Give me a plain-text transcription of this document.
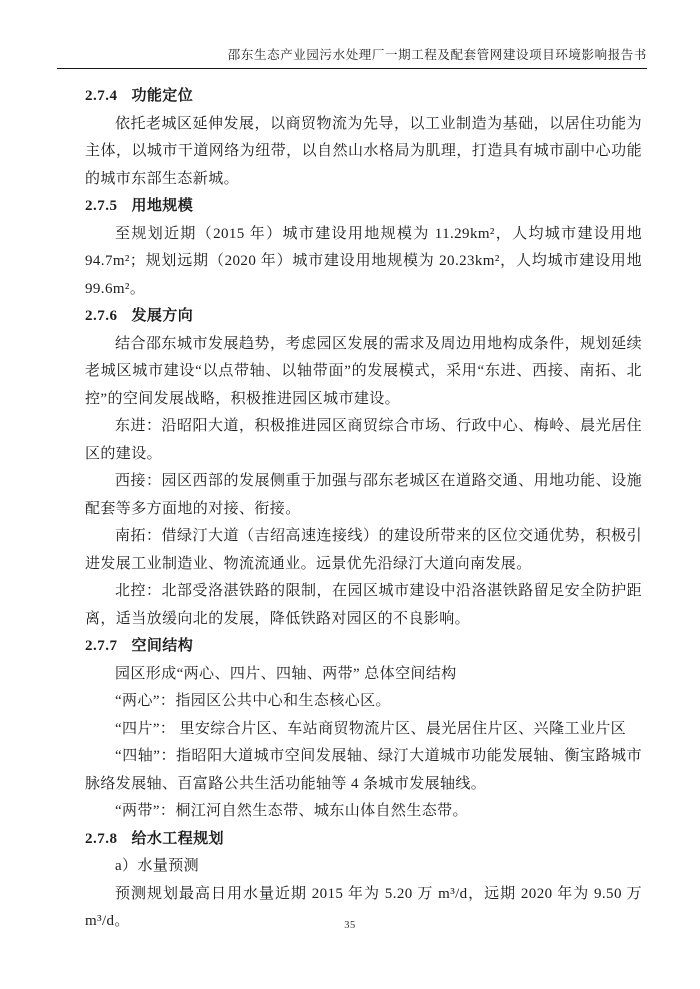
邵东生态产业园污水处理厂一期工程及配套管网建设项目环境影响报告书
2.7.4 功能定位

依托老城区延伸发展，以商贸物流为先导，以工业制造为基础，以居住功能为主体，以城市干道网络为纽带，以自然山水格局为肌理，打造具有城市副中心功能的城市东部生态新城。

2.7.5 用地规模

至规划近期（2015 年）城市建设用地规模为 11.29km²，人均城市建设用地 94.7m²；规划远期（2020 年）城市建设用地规模为 20.23km²，人均城市建设用地 99.6m²。

2.7.6 发展方向

结合邵东城市发展趋势，考虑园区发展的需求及周边用地构成条件，规划延续老城区城市建设“以点带轴、以轴带面”的发展模式，采用“东进、西接、南拓、北控”的空间发展战略，积极推进园区城市建设。

东进：沿昭阳大道，积极推进园区商贸综合市场、行政中心、梅岭、晨光居住区的建设。

西接：园区西部的发展侧重于加强与邵东老城区在道路交通、用地功能、设施配套等多方面地的对接、衔接。

南拓：借绿汀大道（吉绍高速连接线）的建设所带来的区位交通优势，积极引进发展工业制造业、物流流通业。远景优先沿绿汀大道向南发展。

北控：北部受洛湛铁路的限制，在园区城市建设中沿洛湛铁路留足安全防护距离，适当放缓向北的发展，降低铁路对园区的不良影响。

2.7.7 空间结构

园区形成“两心、四片、四轴、两带” 总体空间结构

“两心”：指园区公共中心和生态核心区。

“四片”： 里安综合片区、车站商贸物流片区、晨光居住片区、兴隆工业片区

“四轴”：指昭阳大道城市空间发展轴、绿汀大道城市功能发展轴、衡宝路城市脉络发展轴、百富路公共生活功能轴等 4 条城市发展轴线。

“两带”：桐江河自然生态带、城东山体自然生态带。

2.7.8 给水工程规划

a）水量预测

预测规划最高日用水量近期 2015 年为 5.20 万 m³/d，远期 2020 年为 9.50 万 m³/d。	35
